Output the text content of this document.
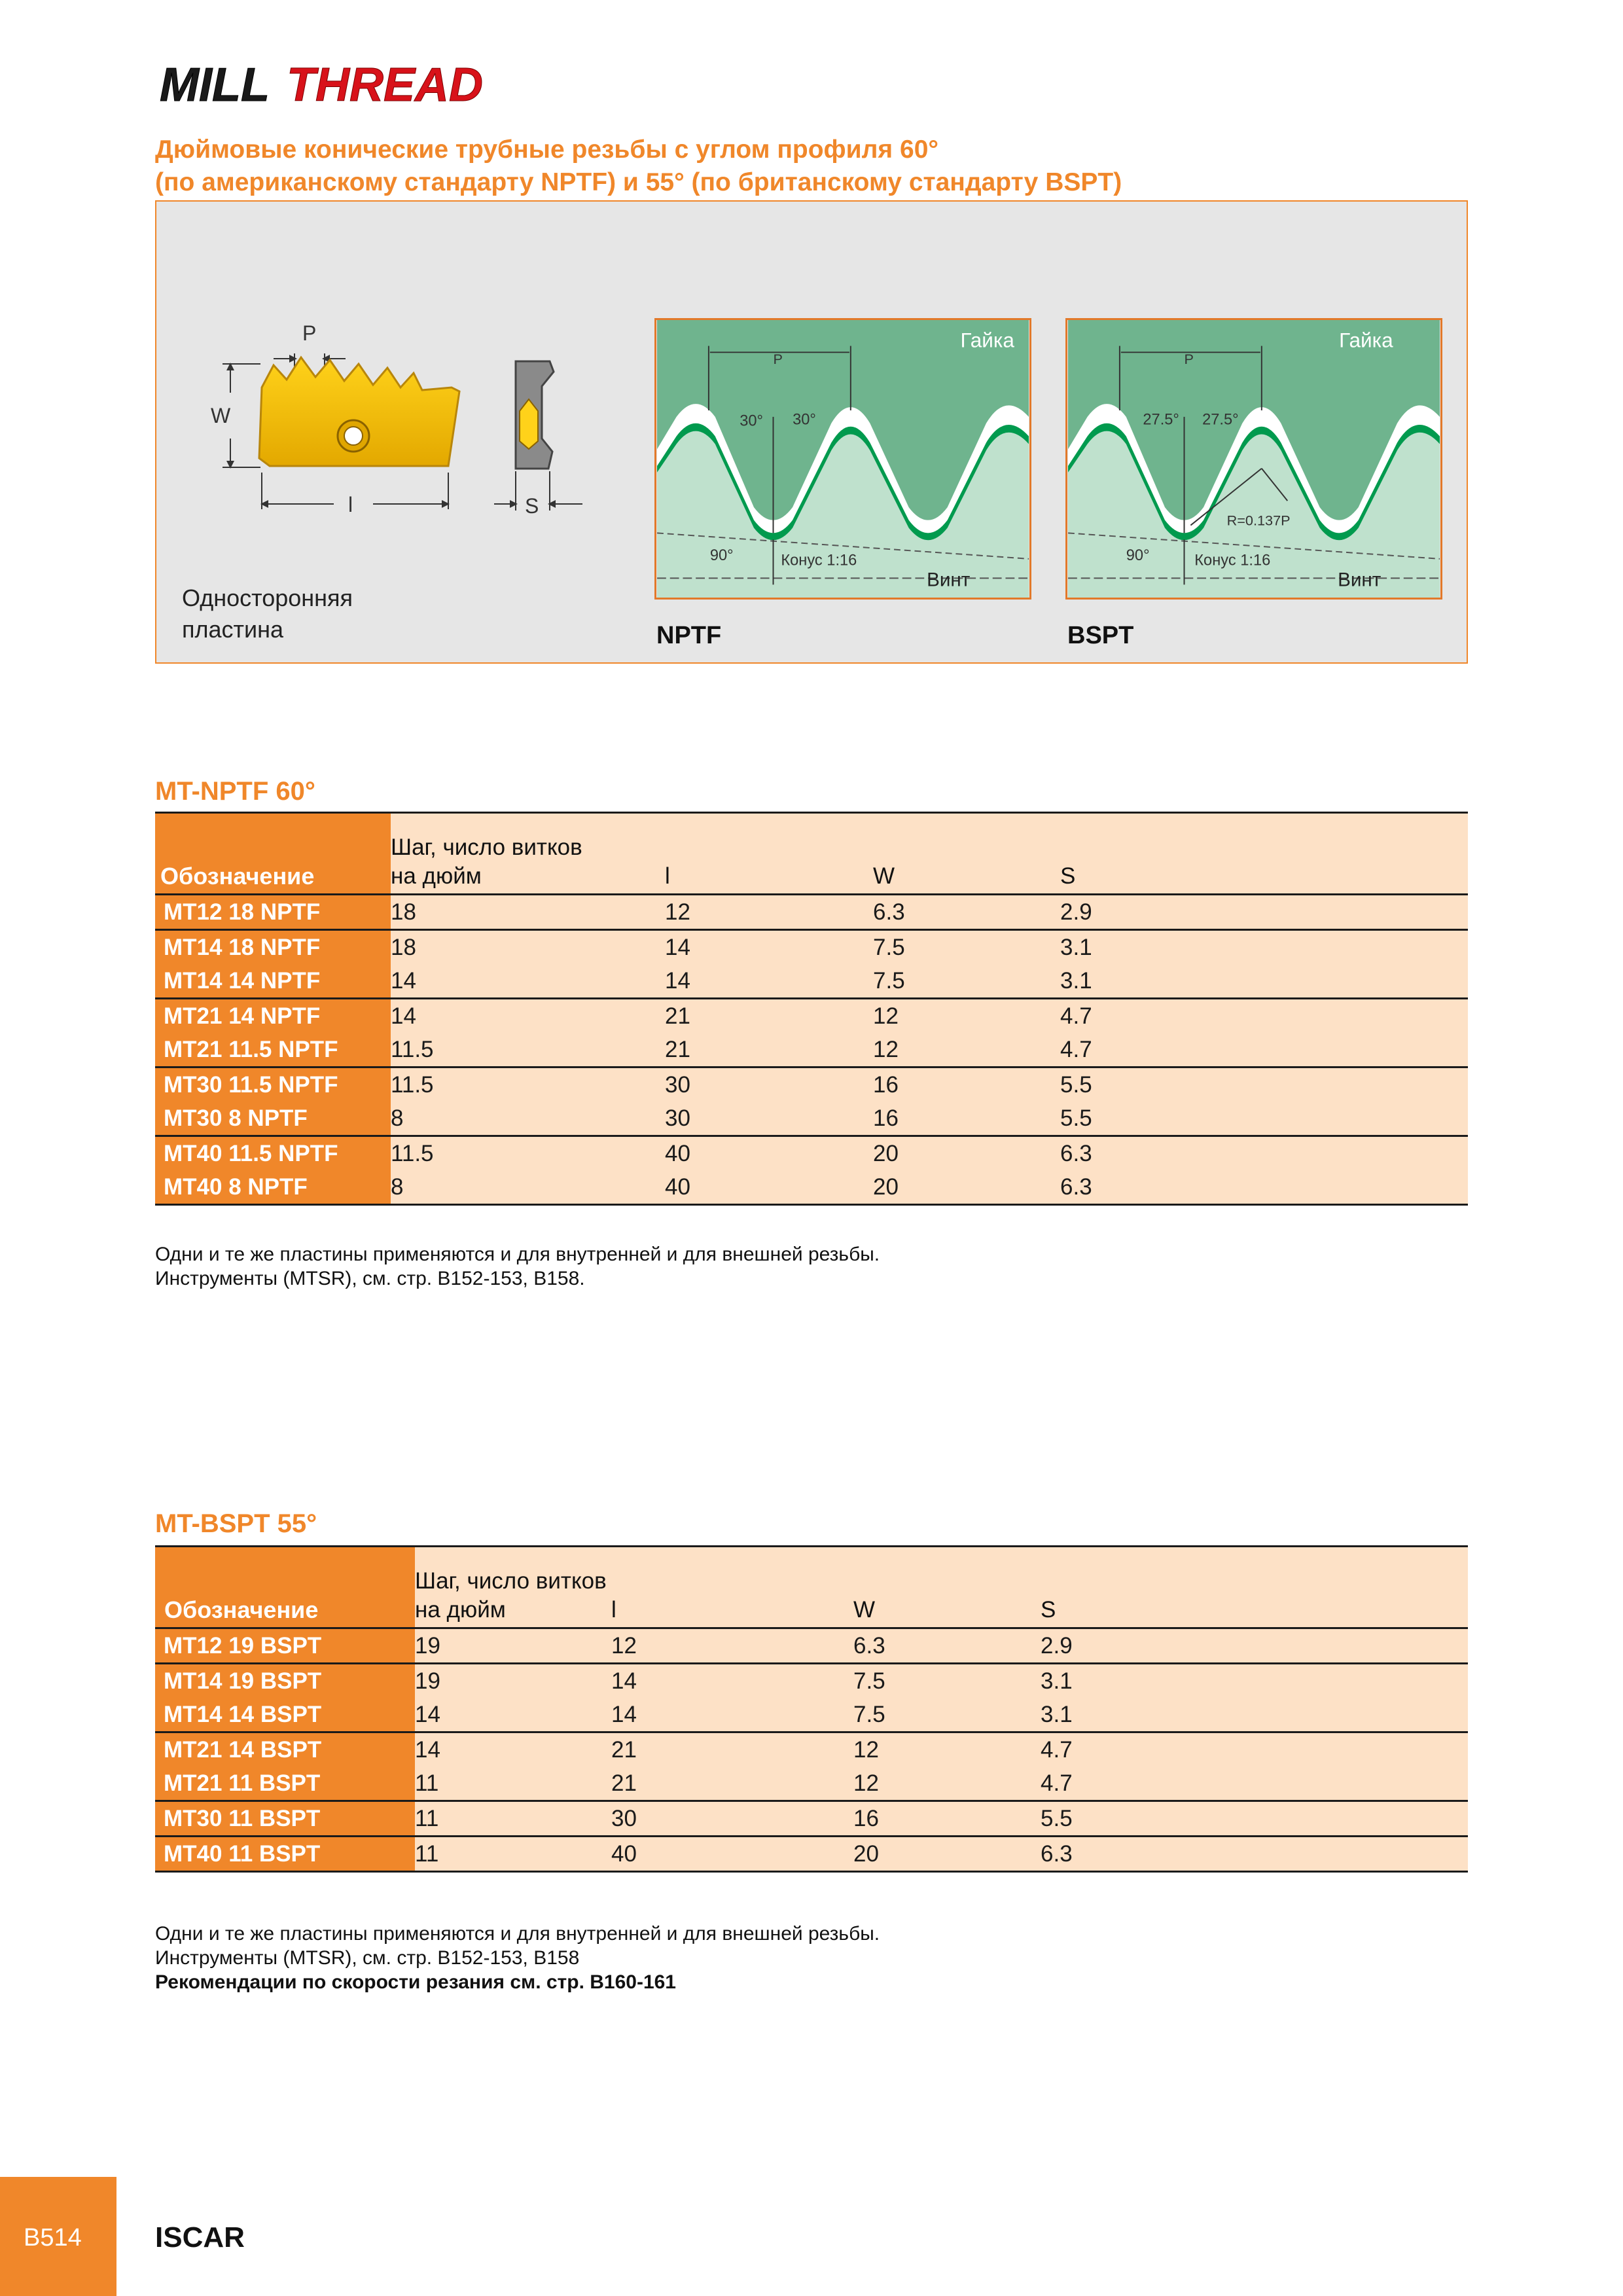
MILL THREAD
Дюймовые конические трубные резьбы с углом профиля 60°
(по американскому стандарту NPTF) и 55° (по британскому стандарту BSPT)
P
W
l	S
Односторонняя пластина
Гайка
P
30° 30°
90°	Конус 1:16
Винт
NPTF
Гайка
P
27.5° 27.5°
R=0.137P
90°	Конус 1:16
Винт
BSPT
MT-NPTF 60°
Обозначение	Шаг, число витков
на дюйм	l	W	S
MT12 18 NPTF	18	12	6.3	2.9
MT14 18 NPTF	18	14	7.5	3.1
MT14 14 NPTF	14	14	7.5	3.1
MT21 14 NPTF	14	21	12	4.7
MT21 11.5 NPTF	11.5	21	12	4.7
MT30 11.5 NPTF	11.5	30	16	5.5
MT30 8 NPTF	8	30	16	5.5
MT40 11.5 NPTF	11.5	40	20	6.3
MT40 8 NPTF	8	40	20	6.3
Одни и те же пластины применяются и для внутренней и для внешней резьбы.
Инструменты (MTSR), см. стр. B152-153, B158.
MT-BSPT 55°
Обозначение	Шаг, число витков
на дюйм	l	W	S
MT12 19 BSPT	19	12	6.3	2.9
MT14 19 BSPT	19	14	7.5	3.1
MT14 14 BSPT	14	14	7.5	3.1
MT21 14 BSPT	14	21	12	4.7
MT21 11 BSPT	11	21	12	4.7
MT30 11 BSPT	11	30	16	5.5
MT40 11 BSPT	11	40	20	6.3
Одни и те же пластины применяются и для внутренней и для внешней резьбы.
Инструменты (MTSR), см. стр. B152-153, B158
Рекомендации по скорости резания см. стр. B160-161
B514	ISCAR
